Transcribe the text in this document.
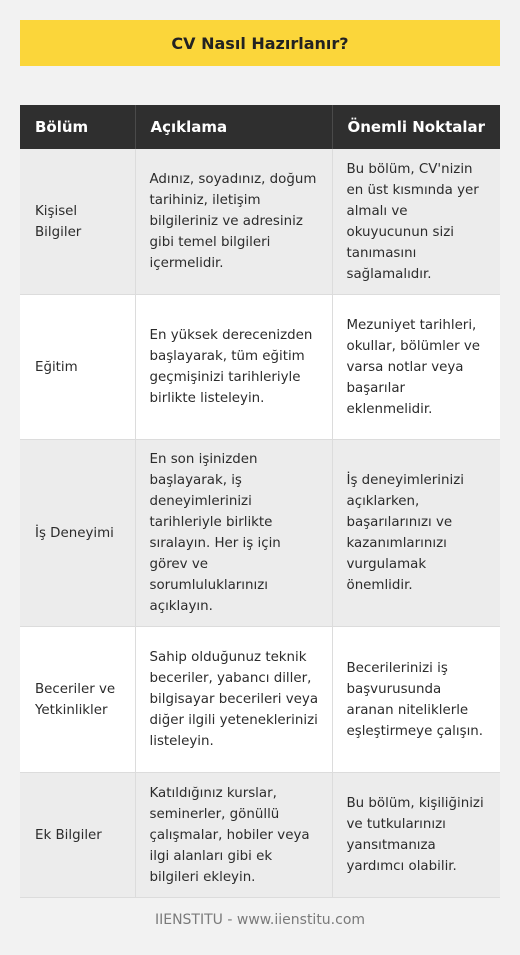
CV Nasıl Hazırlanır?
Bölüm	Açıklama	Önemli Noktalar
Kişisel Bilgiler	Adınız, soyadınız, doğum tarihiniz, iletişim bilgileriniz ve adresiniz gibi temel bilgileri içermelidir.	Bu bölüm, CV'nizin en üst kısmında yer almalı ve okuyucunun sizi tanımasını sağlamalıdır.
Eğitim	En yüksek derecenizden başlayarak, tüm eğitim geçmişinizi tarihleriyle birlikte listeleyin.	Mezuniyet tarihleri, okullar, bölümler ve varsa notlar veya başarılar eklenmelidir.
İş Deneyimi	En son işinizden başlayarak, iş deneyimlerinizi tarihleriyle birlikte sıralayın. Her iş için görev ve sorumluluklarınızı açıklayın.	İş deneyimlerinizi açıklarken, başarılarınızı ve kazanımlarınızı vurgulamak önemlidir.
Beceriler ve Yetkinlikler	Sahip olduğunuz teknik beceriler, yabancı diller, bilgisayar becerileri veya diğer ilgili yeteneklerinizi listeleyin.	Becerilerinizi iş başvurusunda aranan niteliklerle eşleştirmeye çalışın.
Ek Bilgiler	Katıldığınız kurslar, seminerler, gönüllü çalışmalar, hobiler veya ilgi alanları gibi ek bilgileri ekleyin.	Bu bölüm, kişiliğinizi ve tutkularınızı yansıtmanıza yardımcı olabilir.
IIENSTITU - www.iienstitu.com
